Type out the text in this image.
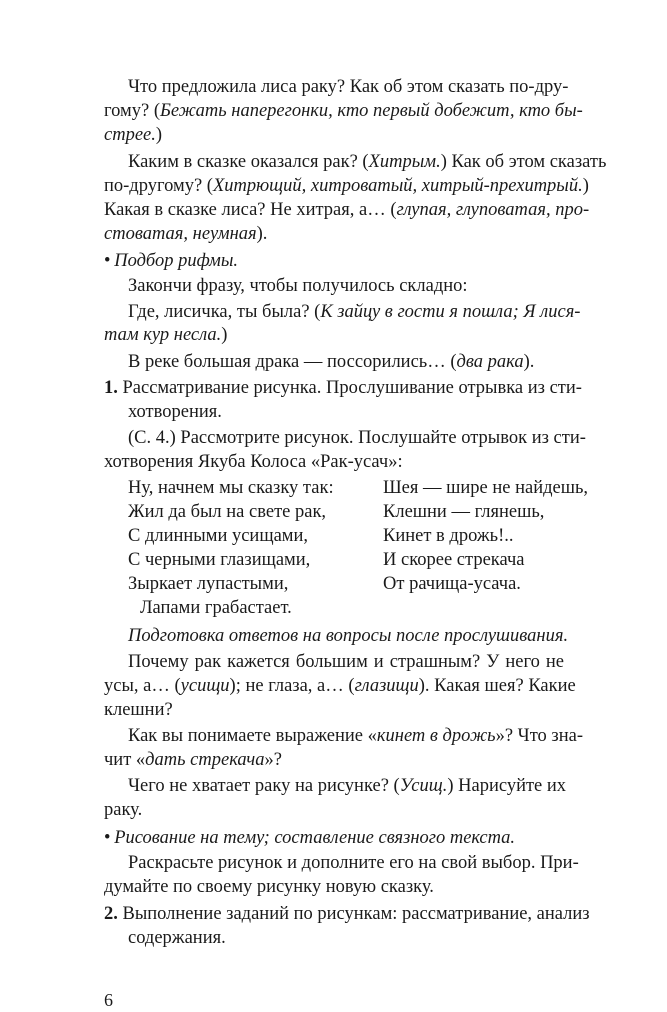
Что предложила лиса раку? Как об этом сказать по-дру-
гому? (Бежать наперегонки, кто первый добежит, кто бы-
стрее.)
Каким в сказке оказался рак? (Хитрым.) Как об этом сказать
по-другому? (Хитрющий, хитроватый, хитрый-прехитрый.)
Какая в сказке лиса? Не хитрая, а… (глупая, глуповатая, про-
стоватая, неумная).
•  Подбор рифмы.
Закончи фразу, чтобы получилось складно:
Где, лисичка, ты была? (К зайцу в гости я пошла; Я лися-
там кур несла.)
В реке большая драка — поссорились… (два рака).
1. Рассматривание рисунка. Прослушивание отрывка из сти-
хотворения.
(С. 4.) Рассмотрите рисунок. Послушайте отрывок из сти-
хотворения Якуба Колоса «Рак-усач»:
Ну, начнем мы сказку так:
Жил да был на свете рак,
С длинными усищами,
С черными глазищами,
Зыркает лупастыми,
Лапами грабастает.
Шея — шире не найдешь,
Клешни — глянешь,
Кинет в дрожь!..
И скорее стрекача
От рачища-усача.
Подготовка ответов на вопросы после прослушивания.
Почему рак кажется большим и страшным? У него не
усы, а… (усищи); не глаза, а… (глазищи). Какая шея? Какие
клешни?
Как вы понимаете выражение «кинет в дрожь»? Что зна-
чит «дать стрекача»?
Чего не хватает раку на рисунке? (Усищ.) Нарисуйте их
раку.
•  Рисование на тему; составление связного текста.
Раскрасьте рисунок и дополните его на свой выбор. При-
думайте по своему рисунку новую сказку.
2. Выполнение заданий по рисункам: рассматривание, анализ
содержания.
6
